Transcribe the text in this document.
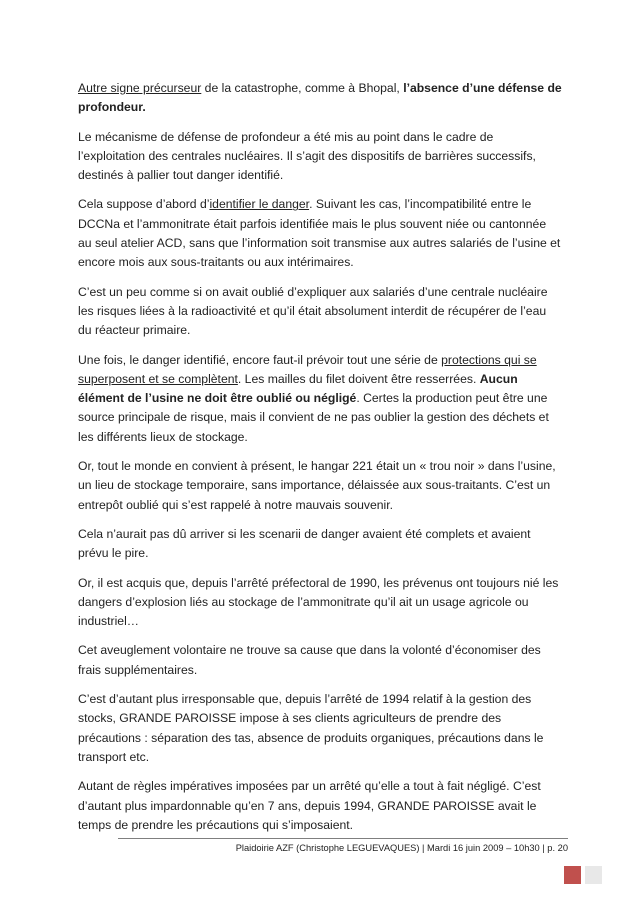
Autre signe précurseur de la catastrophe, comme à Bhopal, l’absence d’une défense de profondeur.

Le mécanisme de défense de profondeur a été mis au point dans le cadre de l’exploitation des centrales nucléaires. Il s’agit des dispositifs de barrières successifs, destinés à pallier tout danger identifié.

Cela suppose d’abord d’identifier le danger. Suivant les cas, l’incompatibilité entre le DCCNa et l’ammonitrate était parfois identifiée mais le plus souvent niée ou cantonnée au seul atelier ACD, sans que l’information soit transmise aux autres salariés de l’usine et encore mois aux sous-traitants ou aux intérimaires.

C’est un peu comme si on avait oublié d’expliquer aux salariés d’une centrale nucléaire les risques liées à la radioactivité et qu’il était absolument interdit de récupérer de l’eau du réacteur primaire.

Une fois, le danger identifié, encore faut-il prévoir tout une série de protections qui se superposent et se complètent. Les mailles du filet doivent être resserrées. Aucun élément de l’usine ne doit être oublié ou négligé. Certes la production peut être une source principale de risque, mais il convient de ne pas oublier la gestion des déchets et les différents lieux de stockage.

Or, tout le monde en convient à présent, le hangar 221 était un « trou noir » dans l’usine, un lieu de stockage temporaire, sans importance, délaissée aux sous-traitants. C’est un entrepôt oublié qui s’est rappelé à notre mauvais souvenir.

Cela n’aurait pas dû arriver si les scenarii de danger avaient été complets et avaient prévu le pire.

Or, il est acquis que, depuis l’arrêté préfectoral de 1990, les prévenus ont toujours nié les dangers d’explosion liés au stockage de l’ammonitrate qu’il ait un usage agricole ou industriel…

Cet aveuglement volontaire ne trouve sa cause que dans la volonté d’économiser des frais supplémentaires.

C’est d’autant plus irresponsable que, depuis l’arrêté de 1994 relatif à la gestion des stocks, GRANDE PAROISSE impose à ses clients agriculteurs de prendre des précautions : séparation des tas, absence de produits organiques, précautions dans le transport etc.

Autant de règles impératives imposées par un arrêté qu’elle a tout à fait négligé. C’est d’autant plus impardonnable qu’en 7 ans, depuis 1994, GRANDE PAROISSE avait le temps de prendre les précautions qui s’imposaient.

Plaidoirie AZF (Christophe LEGUEVAQUES) | Mardi 16 juin 2009 – 10h30 | p. 20
